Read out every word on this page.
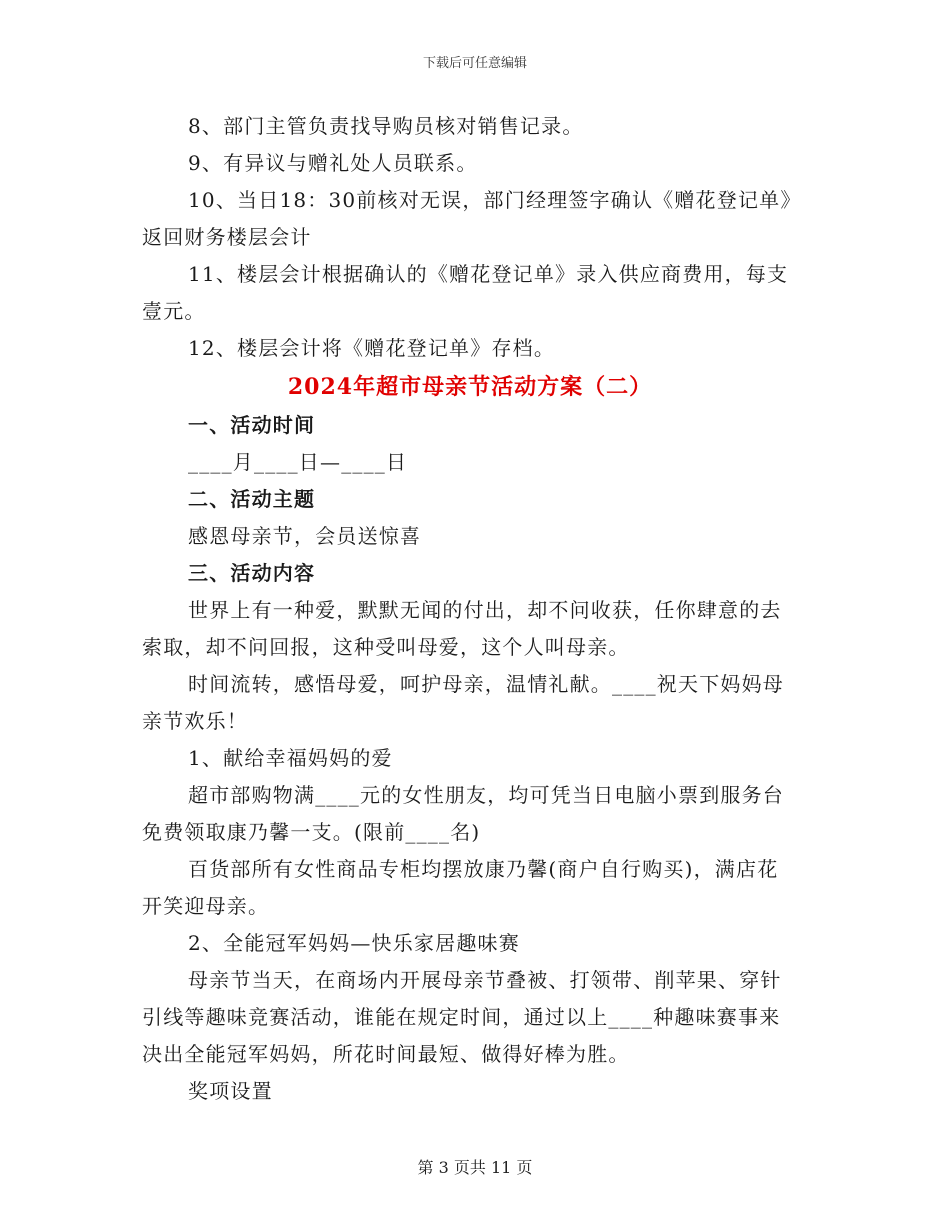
下载后可任意编辑

8、部门主管负责找导购员核对销售记录。

9、有异议与赠礼处人员联系。

10、当日18：30前核对无误，部门经理签字确认《赠花登记单》返回财务楼层会计

11、楼层会计根据确认的《赠花登记单》录入供应商费用，每支壹元。

12、楼层会计将《赠花登记单》存档。

2024年超市母亲节活动方案（二）

一、活动时间

____月____日—____日

二、活动主题

感恩母亲节，会员送惊喜

三、活动内容

世界上有一种爱，默默无闻的付出，却不问收获，任你肆意的去索取，却不问回报，这种受叫母爱，这个人叫母亲。

时间流转，感悟母爱，呵护母亲，温情礼献。____祝天下妈妈母亲节欢乐！

1、献给幸福妈妈的爱

超市部购物满____元的女性朋友，均可凭当日电脑小票到服务台免费领取康乃馨一支。(限前____名)

百货部所有女性商品专柜均摆放康乃馨(商户自行购买)，满店花开笑迎母亲。

2、全能冠军妈妈—快乐家居趣味赛

母亲节当天，在商场内开展母亲节叠被、打领带、削苹果、穿针引线等趣味竞赛活动，谁能在规定时间，通过以上____种趣味赛事来决出全能冠军妈妈，所花时间最短、做得好棒为胜。

奖项设置

第 3 页共 11 页
